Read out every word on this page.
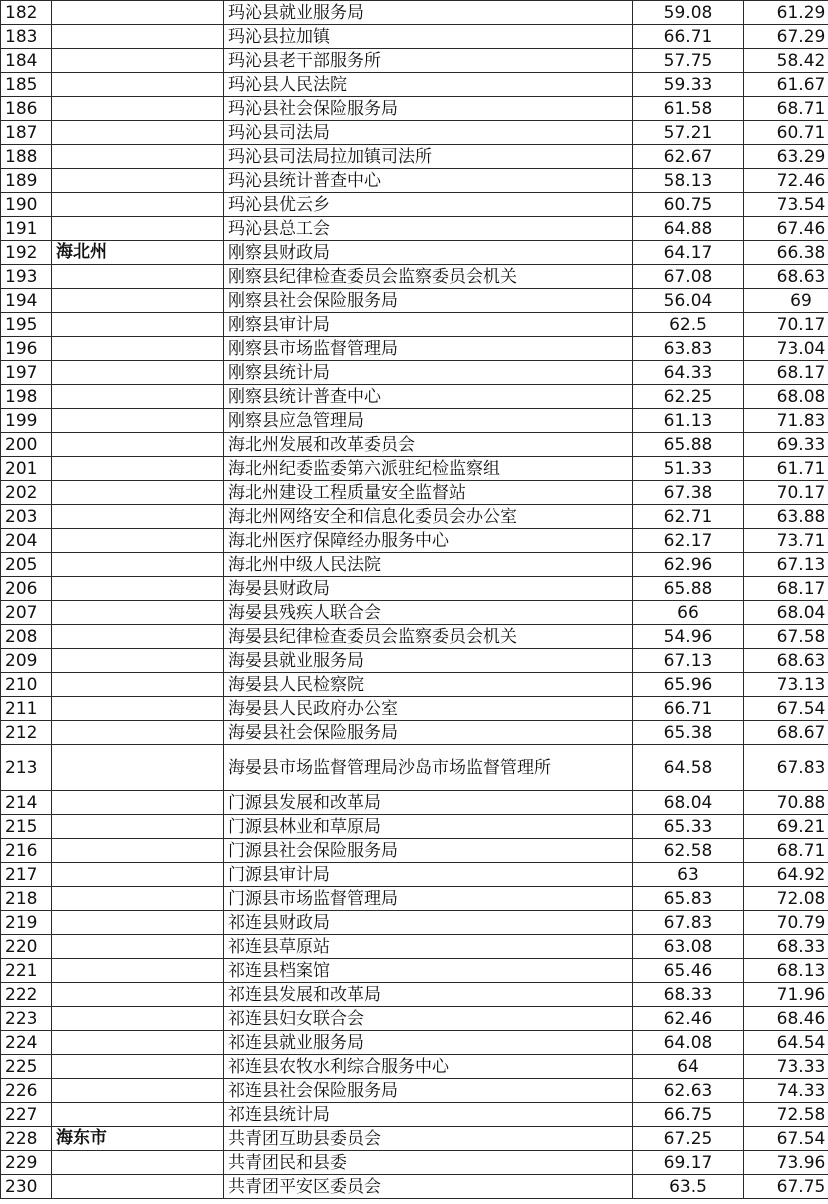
182		玛沁县就业服务局	59.08	61.29
183		玛沁县拉加镇	66.71	67.29
184		玛沁县老干部服务所	57.75	58.42
185		玛沁县人民法院	59.33	61.67
186		玛沁县社会保险服务局	61.58	68.71
187		玛沁县司法局	57.21	60.71
188		玛沁县司法局拉加镇司法所	62.67	63.29
189		玛沁县统计普查中心	58.13	72.46
190		玛沁县优云乡	60.75	73.54
191		玛沁县总工会	64.88	67.46
192	海北州	刚察县财政局	64.17	66.38
193		刚察县纪律检查委员会监察委员会机关	67.08	68.63
194		刚察县社会保险服务局	56.04	69
195		刚察县审计局	62.5	70.17
196		刚察县市场监督管理局	63.83	73.04
197		刚察县统计局	64.33	68.17
198		刚察县统计普查中心	62.25	68.08
199		刚察县应急管理局	61.13	71.83
200		海北州发展和改革委员会	65.88	69.33
201		海北州纪委监委第六派驻纪检监察组	51.33	61.71
202		海北州建设工程质量安全监督站	67.38	70.17
203		海北州网络安全和信息化委员会办公室	62.71	63.88
204		海北州医疗保障经办服务中心	62.17	73.71
205		海北州中级人民法院	62.96	67.13
206		海晏县财政局	65.88	68.17
207		海晏县残疾人联合会	66	68.04
208		海晏县纪律检查委员会监察委员会机关	54.96	67.58
209		海晏县就业服务局	67.13	68.63
210		海晏县人民检察院	65.96	73.13
211		海晏县人民政府办公室	66.71	67.54
212		海晏县社会保险服务局	65.38	68.67
213		海晏县市场监督管理局沙岛市场监督管理所	64.58	67.83
214		门源县发展和改革局	68.04	70.88
215		门源县林业和草原局	65.33	69.21
216		门源县社会保险服务局	62.58	68.71
217		门源县审计局	63	64.92
218		门源县市场监督管理局	65.83	72.08
219		祁连县财政局	67.83	70.79
220		祁连县草原站	63.08	68.33
221		祁连县档案馆	65.46	68.13
222		祁连县发展和改革局	68.33	71.96
223		祁连县妇女联合会	62.46	68.46
224		祁连县就业服务局	64.08	64.54
225		祁连县农牧水利综合服务中心	64	73.33
226		祁连县社会保险服务局	62.63	74.33
227		祁连县统计局	66.75	72.58
228	海东市	共青团互助县委员会	67.25	67.54
229		共青团民和县委	69.17	73.96
230		共青团平安区委员会	63.5	67.75
